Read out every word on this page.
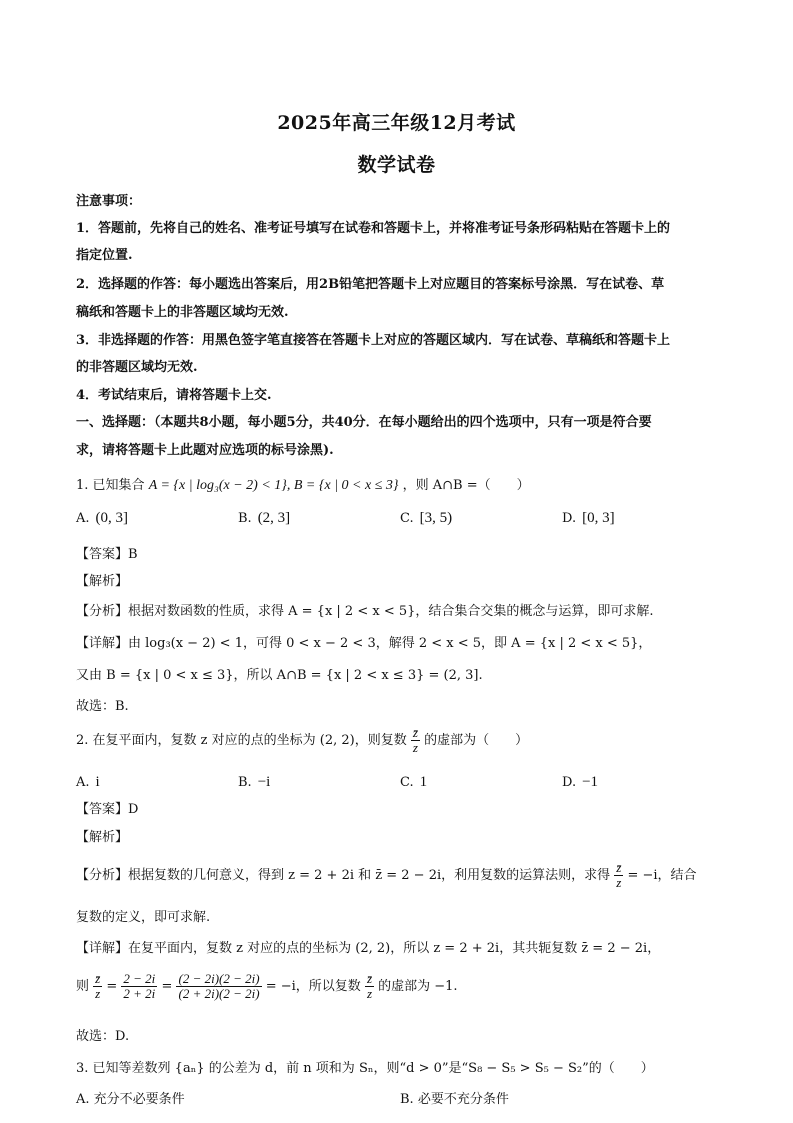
2025年高三年级12月考试
数学试卷
注意事项：
1．答题前，先将自己的姓名、准考证号填写在试卷和答题卡上，并将准考证号条形码粘贴在答题卡上的
指定位置.
2．选择题的作答：每小题选出答案后，用2B铅笔把答题卡上对应题目的答案标号涂黑．写在试卷、草
稿纸和答题卡上的非答题区域均无效.
3．非选择题的作答：用黑色签字笔直接答在答题卡上对应的答题区域内．写在试卷、草稿纸和答题卡上
的非答题区域均无效.
4．考试结束后，请将答题卡上交.
一、选择题：（本题共8小题，每小题5分，共40分．在每小题给出的四个选项中，只有一项是符合要
求，请将答题卡上此题对应选项的标号涂黑).
1. 已知集合 A = {x | log₃(x − 2) < 1}, B = {x | 0 < x ≤ 3} ，则 A∩B =（　　）
A. (0, 3]	B. (2, 3]	C. [3, 5)	D. [0, 3]
【答案】B
【解析】
【分析】根据对数函数的性质，求得 A = {x | 2 < x < 5}，结合集合交集的概念与运算，即可求解.
【详解】由 log₃(x − 2) < 1，可得 0 < x − 2 < 3，解得 2 < x < 5，即 A = {x | 2 < x < 5}，
又由 B = {x | 0 < x ≤ 3}，所以 A∩B = {x | 2 < x ≤ 3} = (2, 3].
故选：B.
2. 在复平面内，复数 z 对应的点的坐标为 (2, 2)，则复数 $\frac{z̄}{z}$ 的虚部为（　　）
A. i	B. −i	C. 1	D. −1
【答案】D
【解析】
【分析】根据复数的几何意义，得到 z = 2 + 2i 和 z̄ = 2 − 2i，利用复数的运算法则，求得 $\frac{z̄}{z} = -i$，结合
复数的定义，即可求解.
【详解】在复平面内，复数 z 对应的点的坐标为 (2, 2)，所以 z = 2 + 2i，其共轭复数 z̄ = 2 − 2i，
则 $\frac{z̄}{z} = \frac{2 - 2i}{2 + 2i} = \frac{(2 - 2i)(2 - 2i)}{(2 + 2i)(2 - 2i)} = -i$，所以复数 $\frac{z̄}{z}$ 的虚部为 −1.
故选：D.
3. 已知等差数列 {aₙ} 的公差为 d，前 n 项和为 Sₙ，则“d > 0”是“S₈ − S₅ > S₅ − S₂”的（　　）
A. 充分不必要条件	B. 必要不充分条件
